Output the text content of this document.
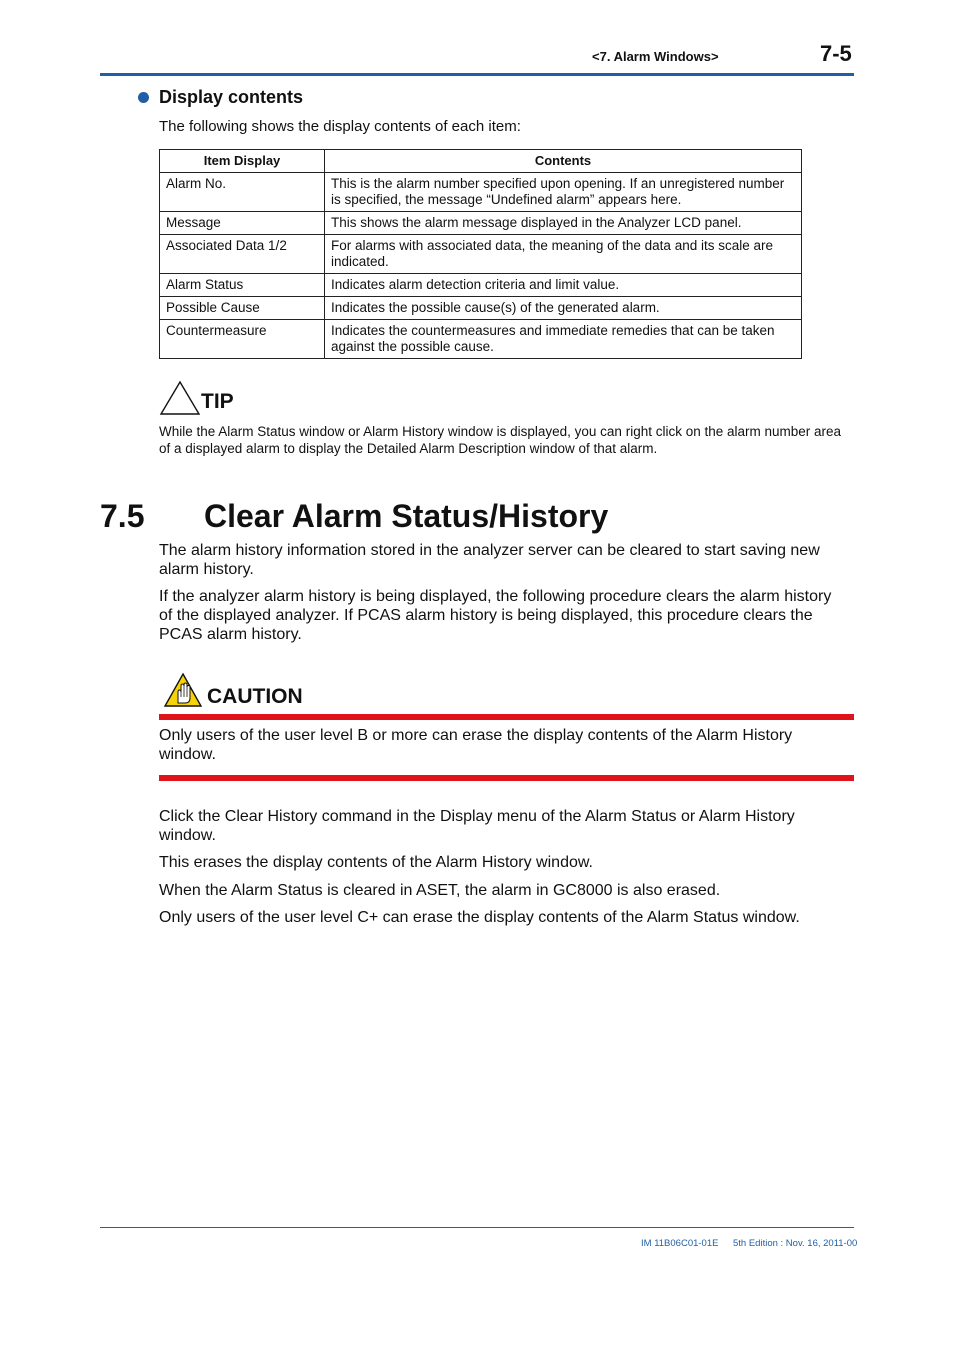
<7. Alarm Windows>	7-5
Display contents
The following shows the display contents of each item:
Item Display	Contents
Alarm No.	This is the alarm number specified upon opening. If an unregistered number is specified, the message “Undefined alarm” appears here.
Message	This shows the alarm message displayed in the Analyzer LCD panel.
Associated Data 1/2	For alarms with associated data, the meaning of the data and its scale are indicated.
Alarm Status	Indicates alarm detection criteria and limit value.
Possible Cause	Indicates the possible cause(s) of the generated alarm.
Countermeasure	Indicates the countermeasures and immediate remedies that can be taken against the possible cause.
TIP
While the Alarm Status window or Alarm History window is displayed, you can right click on the alarm number area of a displayed alarm to display the Detailed Alarm Description window of that alarm.
7.5 Clear Alarm Status/History
The alarm history information stored in the analyzer server can be cleared to start saving new alarm history.
If the analyzer alarm history is being displayed, the following procedure clears the alarm history of the displayed analyzer. If PCAS alarm history is being displayed, this procedure clears the PCAS alarm history.
CAUTION
Only users of the user level B or more can erase the display contents of the Alarm History window.
Click the Clear History command in the Display menu of the Alarm Status or Alarm History window.
This erases the display contents of the Alarm History window.
When the Alarm Status is cleared in ASET, the alarm in GC8000 is also erased.
Only users of the user level C+ can erase the display contents of the Alarm Status window.
IM 11B06C01-01E 5th Edition : Nov. 16, 2011-00
